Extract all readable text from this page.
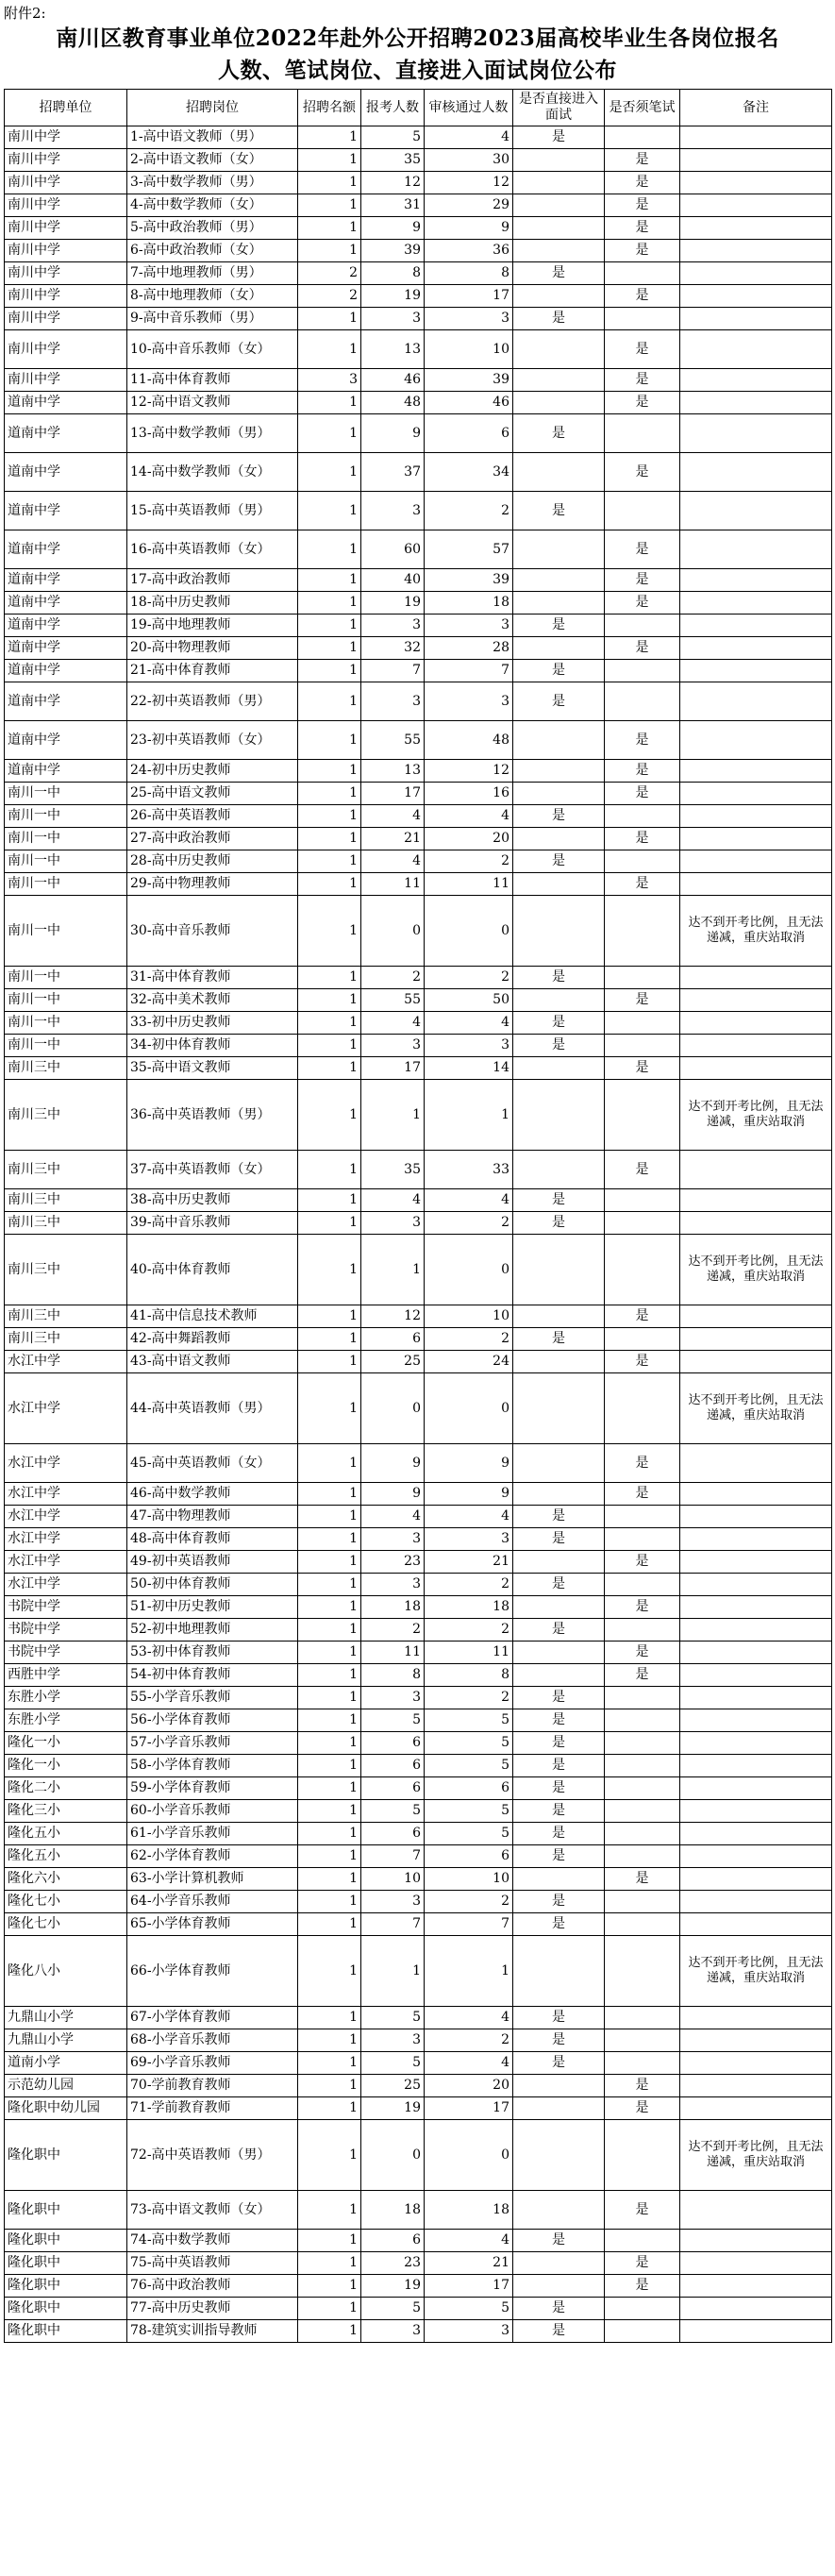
附件2:
南川区教育事业单位2022年赴外公开招聘2023届高校毕业生各岗位报名
人数、笔试岗位、直接进入面试岗位公布
招聘单位	招聘岗位	招聘名额	报考人数	审核通过人数	是否直接进入面试	是否须笔试	备注
南川中学	1-高中语文教师（男）	1	5	4	是		
南川中学	2-高中语文教师（女）	1	35	30		是	
南川中学	3-高中数学教师（男）	1	12	12		是	
南川中学	4-高中数学教师（女）	1	31	29		是	
南川中学	5-高中政治教师（男）	1	9	9		是	
南川中学	6-高中政治教师（女）	1	39	36		是	
南川中学	7-高中地理教师（男）	2	8	8	是		
南川中学	8-高中地理教师（女）	2	19	17		是	
南川中学	9-高中音乐教师（男）	1	3	3	是		
南川中学	10-高中音乐教师（女）	1	13	10		是	
南川中学	11-高中体育教师	3	46	39		是	
道南中学	12-高中语文教师	1	48	46		是	
道南中学	13-高中数学教师（男）	1	9	6	是		
道南中学	14-高中数学教师（女）	1	37	34		是	
道南中学	15-高中英语教师（男）	1	3	2	是		
道南中学	16-高中英语教师（女）	1	60	57		是	
道南中学	17-高中政治教师	1	40	39		是	
道南中学	18-高中历史教师	1	19	18		是	
道南中学	19-高中地理教师	1	3	3	是		
道南中学	20-高中物理教师	1	32	28		是	
道南中学	21-高中体育教师	1	7	7	是		
道南中学	22-初中英语教师（男）	1	3	3	是		
道南中学	23-初中英语教师（女）	1	55	48		是	
道南中学	24-初中历史教师	1	13	12		是	
南川一中	25-高中语文教师	1	17	16		是	
南川一中	26-高中英语教师	1	4	4	是		
南川一中	27-高中政治教师	1	21	20		是	
南川一中	28-高中历史教师	1	4	2	是		
南川一中	29-高中物理教师	1	11	11		是	
南川一中	30-高中音乐教师	1	0	0			达不到开考比例，且无法递减，重庆站取消
南川一中	31-高中体育教师	1	2	2	是		
南川一中	32-高中美术教师	1	55	50		是	
南川一中	33-初中历史教师	1	4	4	是		
南川一中	34-初中体育教师	1	3	3	是		
南川三中	35-高中语文教师	1	17	14		是	
南川三中	36-高中英语教师（男）	1	1	1			达不到开考比例，且无法递减，重庆站取消
南川三中	37-高中英语教师（女）	1	35	33		是	
南川三中	38-高中历史教师	1	4	4	是		
南川三中	39-高中音乐教师	1	3	2	是		
南川三中	40-高中体育教师	1	1	0			达不到开考比例，且无法递减，重庆站取消
南川三中	41-高中信息技术教师	1	12	10		是	
南川三中	42-高中舞蹈教师	1	6	2	是		
水江中学	43-高中语文教师	1	25	24		是	
水江中学	44-高中英语教师（男）	1	0	0			达不到开考比例，且无法递减，重庆站取消
水江中学	45-高中英语教师（女）	1	9	9		是	
水江中学	46-高中数学教师	1	9	9		是	
水江中学	47-高中物理教师	1	4	4	是		
水江中学	48-高中体育教师	1	3	3	是		
水江中学	49-初中英语教师	1	23	21		是	
水江中学	50-初中体育教师	1	3	2	是		
书院中学	51-初中历史教师	1	18	18		是	
书院中学	52-初中地理教师	1	2	2	是		
书院中学	53-初中体育教师	1	11	11		是	
西胜中学	54-初中体育教师	1	8	8		是	
东胜小学	55-小学音乐教师	1	3	2	是		
东胜小学	56-小学体育教师	1	5	5	是		
隆化一小	57-小学音乐教师	1	6	5	是		
隆化一小	58-小学体育教师	1	6	5	是		
隆化二小	59-小学体育教师	1	6	6	是		
隆化三小	60-小学音乐教师	1	5	5	是		
隆化五小	61-小学音乐教师	1	6	5	是		
隆化五小	62-小学体育教师	1	7	6	是		
隆化六小	63-小学计算机教师	1	10	10		是	
隆化七小	64-小学音乐教师	1	3	2	是		
隆化七小	65-小学体育教师	1	7	7	是		
隆化八小	66-小学体育教师	1	1	1			达不到开考比例，且无法递减，重庆站取消
九鼎山小学	67-小学体育教师	1	5	4	是		
九鼎山小学	68-小学音乐教师	1	3	2	是		
道南小学	69-小学音乐教师	1	5	4	是		
示范幼儿园	70-学前教育教师	1	25	20		是	
隆化职中幼儿园	71-学前教育教师	1	19	17		是	
隆化职中	72-高中英语教师（男）	1	0	0			达不到开考比例，且无法递减，重庆站取消
隆化职中	73-高中语文教师（女）	1	18	18		是	
隆化职中	74-高中数学教师	1	6	4	是		
隆化职中	75-高中英语教师	1	23	21		是	
隆化职中	76-高中政治教师	1	19	17		是	
隆化职中	77-高中历史教师	1	5	5	是		
隆化职中	78-建筑实训指导教师	1	3	3	是		
